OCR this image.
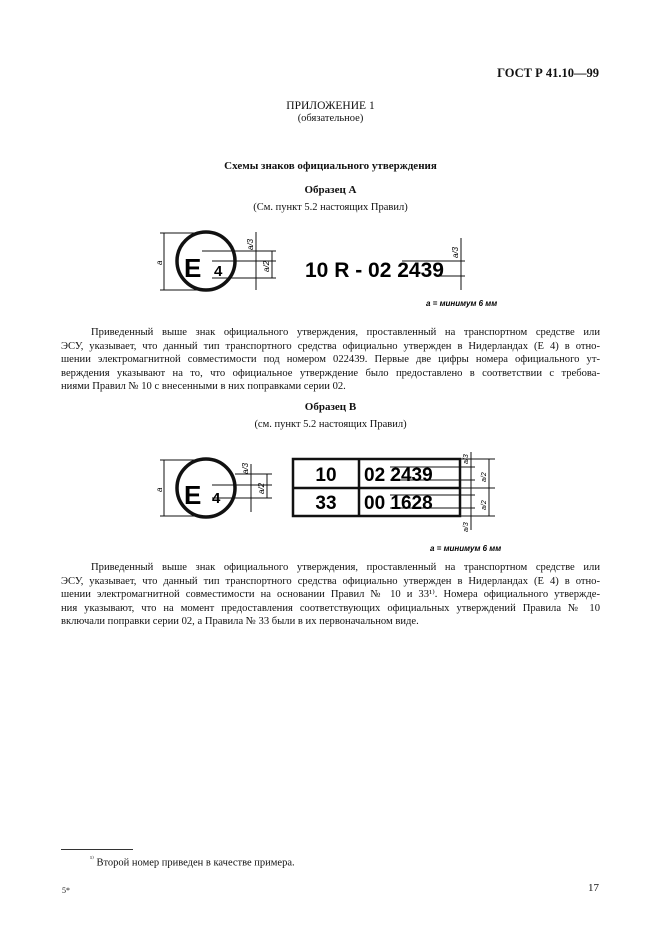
ГОСТ Р 41.10—99
ПРИЛОЖЕНИЕ 1
(обязательное)
Схемы знаков официального утверждения
Образец A
(См. пункт 5.2 настоящих Правил)
E 4
a
a/3
a/2 10 R - 02 2439
a/3
a = минимум 6 мм
Приведенный выше знак официального утверждения, проставленный на транспортном средстве или
ЭСУ, указывает, что данный тип транспортного средства официально утвержден в Нидерландах (E 4) в отно-
шении электромагнитной совместимости под номером 022439. Первые две цифры номера официального ут-
верждения указывают на то, что официальное утверждение было предоставлено в соответствии с требова-
ниями Правил № 10 с внесенными в них поправками серии 02.
Образец B
(см. пункт 5.2 настоящих Правил)
E 4
a
a/3
a/2
10 02 2439
33 00 1628
a/3
a/2
a/2
a/3
a = минимум 6 мм
Приведенный выше знак официального утверждения, проставленный на транспортном средстве или
ЭСУ, указывает, что данный тип транспортного средства официально утвержден в Нидерландах (E 4) в отно-
шении электромагнитной совместимости на основании Правил № 10 и 33¹⁾. Номера официального утвержде-
ния указывают, что на момент предоставления соответствующих официальных утверждений Правила № 10
включали поправки серии 02, а Правила № 33 были в их первоначальном виде.
$^{^{1)}}$ Второй номер приведен в качестве примера.
5*	17
